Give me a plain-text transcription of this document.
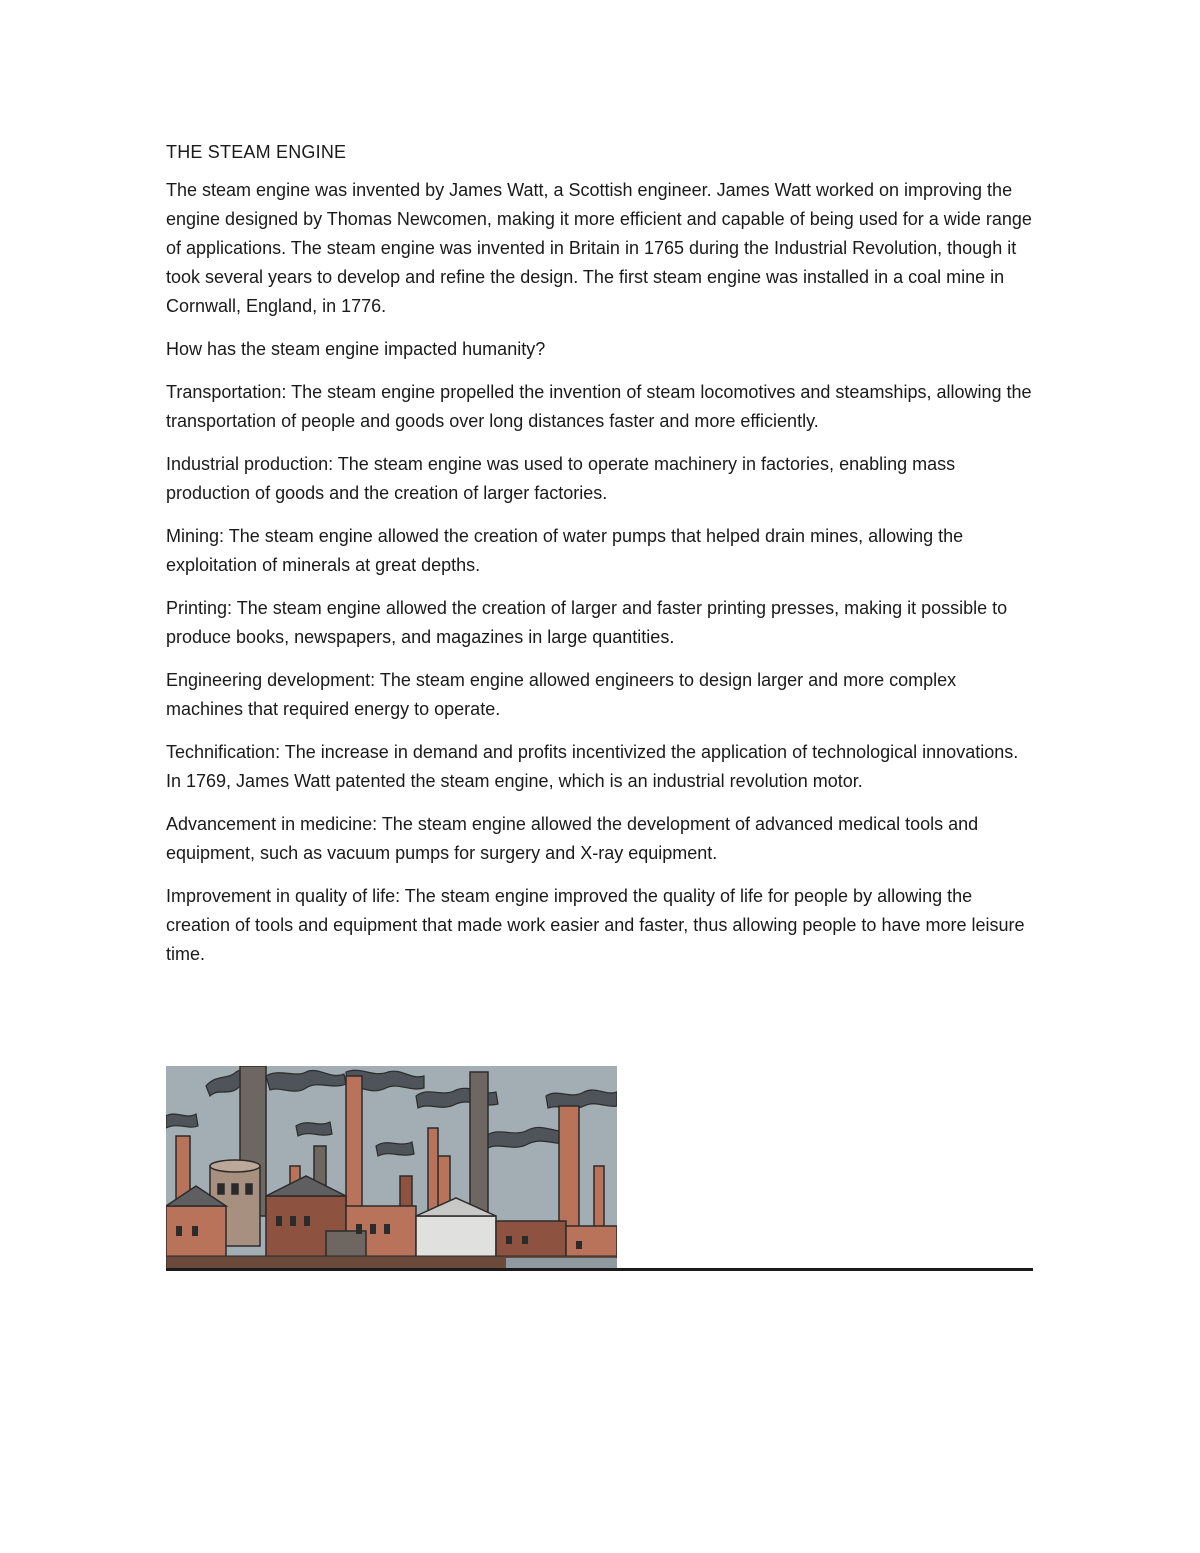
THE STEAM ENGINE

The steam engine was invented by James Watt, a Scottish engineer. James Watt worked on improving the engine designed by Thomas Newcomen, making it more efficient and capable of being used for a wide range of applications. The steam engine was invented in Britain in 1765 during the Industrial Revolution, though it took several years to develop and refine the design. The first steam engine was installed in a coal mine in Cornwall, England, in 1776.

How has the steam engine impacted humanity?

Transportation: The steam engine propelled the invention of steam locomotives and steamships, allowing the transportation of people and goods over long distances faster and more efficiently.

Industrial production: The steam engine was used to operate machinery in factories, enabling mass production of goods and the creation of larger factories.

Mining: The steam engine allowed the creation of water pumps that helped drain mines, allowing the exploitation of minerals at great depths.

Printing: The steam engine allowed the creation of larger and faster printing presses, making it possible to produce books, newspapers, and magazines in large quantities.

Engineering development: The steam engine allowed engineers to design larger and more complex machines that required energy to operate.

Technification: The increase in demand and profits incentivized the application of technological innovations. In 1769, James Watt patented the steam engine, which is an industrial revolution motor.

Advancement in medicine: The steam engine allowed the development of advanced medical tools and equipment, such as vacuum pumps for surgery and X-ray equipment.

Improvement in quality of life: The steam engine improved the quality of life for people by allowing the creation of tools and equipment that made work easier and faster, thus allowing people to have more leisure time.
